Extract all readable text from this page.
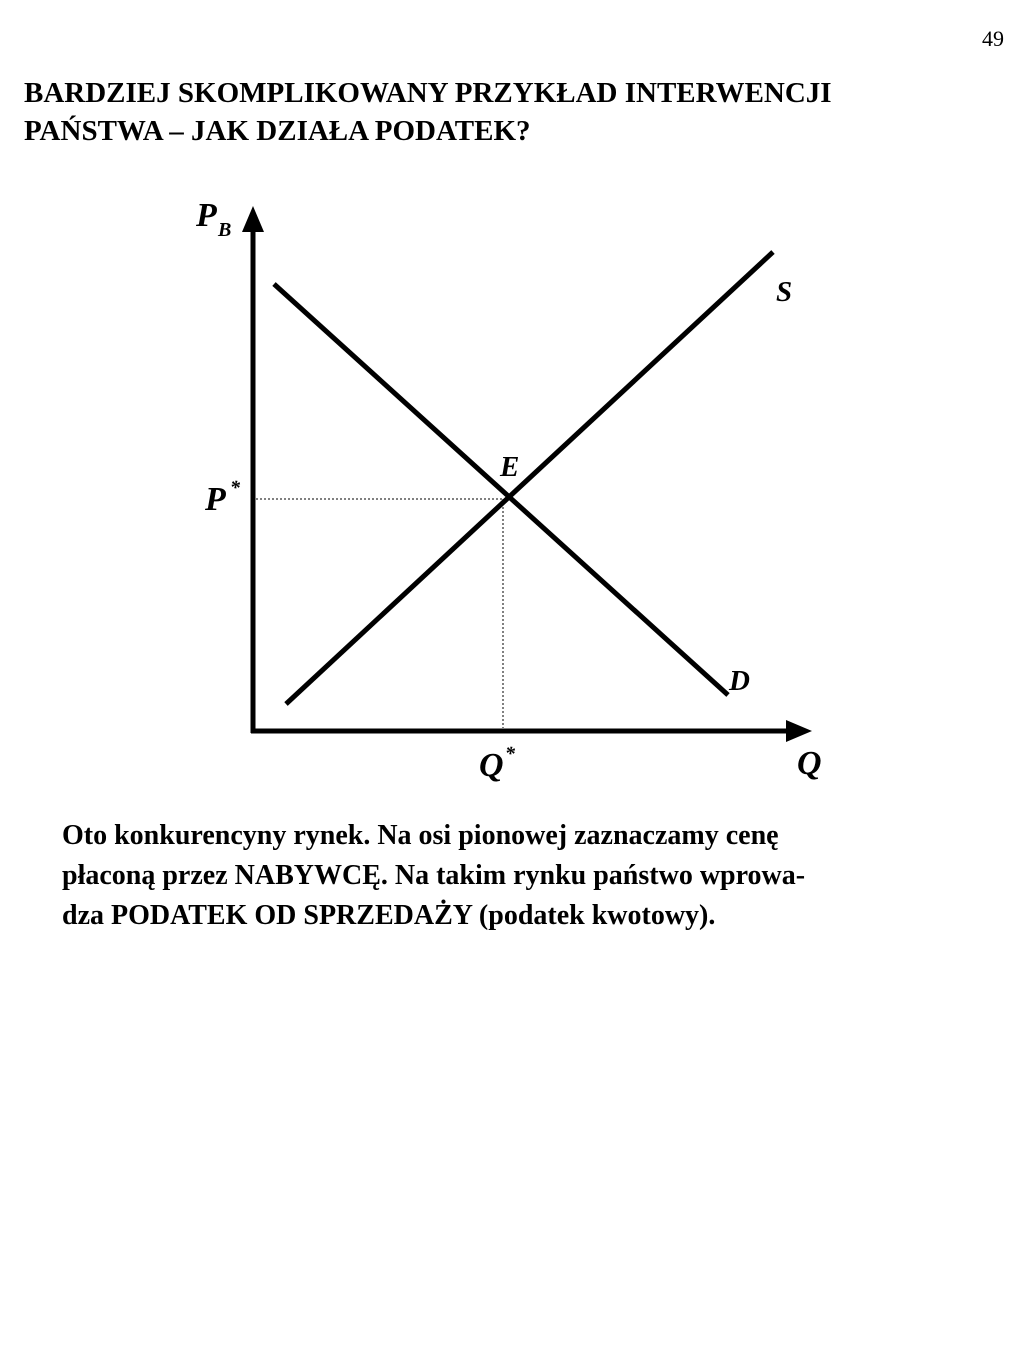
49
BARDZIEJ SKOMPLIKOWANY PRZYKŁAD INTERWENCJI
PAŃSTWA – JAK DZIAŁA PODATEK?
P B
S
E
P *
D
Q *	Q

Oto konkurencyny rynek. Na osi pionowej zaznaczamy cenę
płaconą przez NABYWCĘ. Na takim rynku państwo wprowa-
dza PODATEK OD SPRZEDAŻY (podatek kwotowy).
